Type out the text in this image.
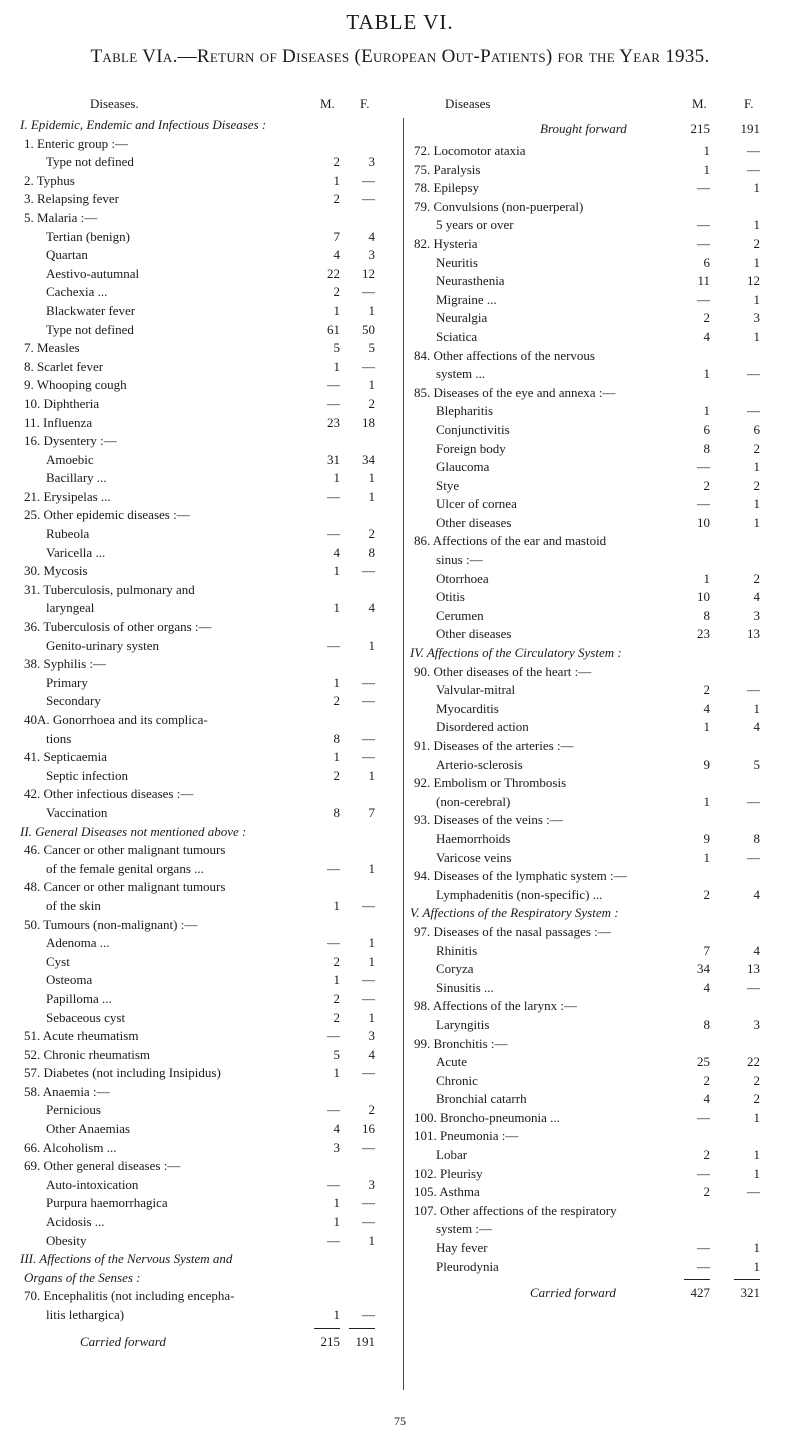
TABLE VI.
Table VIa.—Return of Diseases (European Out-Patients) for the Year 1935.
Diseases.	M. F.
I. Epidemic, Endemic and Infectious Diseases :
1. Enteric group :—
Type not defined	2	3
2. Typhus	1	—
3. Relapsing fever	2	—
5. Malaria :—
Tertian (benign)	7	4
Quartan	4	3
Aestivo-autumnal	22	12
Cachexia ...	2	—
Blackwater fever	1	1
Type not defined	61	50
7. Measles	5	5
8. Scarlet fever	1	—
9. Whooping cough	—	1
10. Diphtheria	—	2
11. Influenza	23	18
16. Dysentery :—
Amoebic	31	34
Bacillary ...	1	1
21. Erysipelas ...	—	1
25. Other epidemic diseases :—
Rubeola	—	2
Varicella ...	4	8
30. Mycosis	1	—
31. Tuberculosis, pulmonary and
laryngeal	1	4
36. Tuberculosis of other organs :—
Genito-urinary systen	—	1
38. Syphilis :—
Primary	1	—
Secondary	2	—
40A. Gonorrhoea and its complica-
tions	8	—
41. Septicaemia	1	—
Septic infection	2	1
42. Other infectious diseases :—
Vaccination	8	7
II. General Diseases not mentioned above :
46. Cancer or other malignant tumours
of the female genital organs ...	—	1
48. Cancer or other malignant tumours
of the skin	1	—
50. Tumours (non-malignant) :—
Adenoma ...	—	1
Cyst	2	1
Osteoma	1	—
Papilloma ...	2	—
Sebaceous cyst	2	1
51. Acute rheumatism	—	3
52. Chronic rheumatism	5	4
57. Diabetes (not including Insipidus)	1	—
58. Anaemia :—
Pernicious	—	2
Other Anaemias	4	16
66. Alcoholism ...	3	—
69. Other general diseases :—
Auto-intoxication	—	3
Purpura haemorrhagica	1	—
Acidosis ...	1	—
Obesity	—	1
III. Affections of the Nervous System and
Organs of the Senses :
70. Encephalitis (not including encepha-
litis lethargica)	1	—
Carried forward	215	191
Diseases	M.	F.
Brought forward	215	191
72. Locomotor ataxia	1	—
75. Paralysis	1	—
78. Epilepsy	—	1
79. Convulsions (non-puerperal)
5 years or over	—	1
82. Hysteria	—	2
Neuritis	6	1
Neurasthenia	11	12
Migraine ...	—	1
Neuralgia	2	3
Sciatica	4	1
84. Other affections of the nervous
system ...	1	—
85. Diseases of the eye and annexa :—
Blepharitis	1	—
Conjunctivitis	6	6
Foreign body	8	2
Glaucoma	—	1
Stye	2	2
Ulcer of cornea	—	1
Other diseases	10	1
86. Affections of the ear and mastoid
sinus :—
Otorrhoea	1	2
Otitis	10	4
Cerumen	8	3
Other diseases	23	13
IV. Affections of the Circulatory System :
90. Other diseases of the heart :—
Valvular-mitral	2	—
Myocarditis	4	1
Disordered action	1	4
91. Diseases of the arteries :—
Arterio-sclerosis	9	5
92. Embolism or Thrombosis
(non-cerebral)	1	—
93. Diseases of the veins :—
Haemorrhoids	9	8
Varicose veins	1	—
94. Diseases of the lymphatic system :—
Lymphadenitis (non-specific) ...	2	4
V. Affections of the Respiratory System :
97. Diseases of the nasal passages :—
Rhinitis	7	4
Coryza	34	13
Sinusitis ...	4	—
98. Affections of the larynx :—
Laryngitis	8	3
99. Bronchitis :—
Acute	25	22
Chronic	2	2
Bronchial catarrh	4	2
100. Broncho-pneumonia ...	—	1
101. Pneumonia :—
Lobar	2	1
102. Pleurisy	—	1
105. Asthma	2	—
107. Other affections of the respiratory
system :—
Hay fever	—	1
Pleurodynia	—	1
Carried forward	427	321
75
